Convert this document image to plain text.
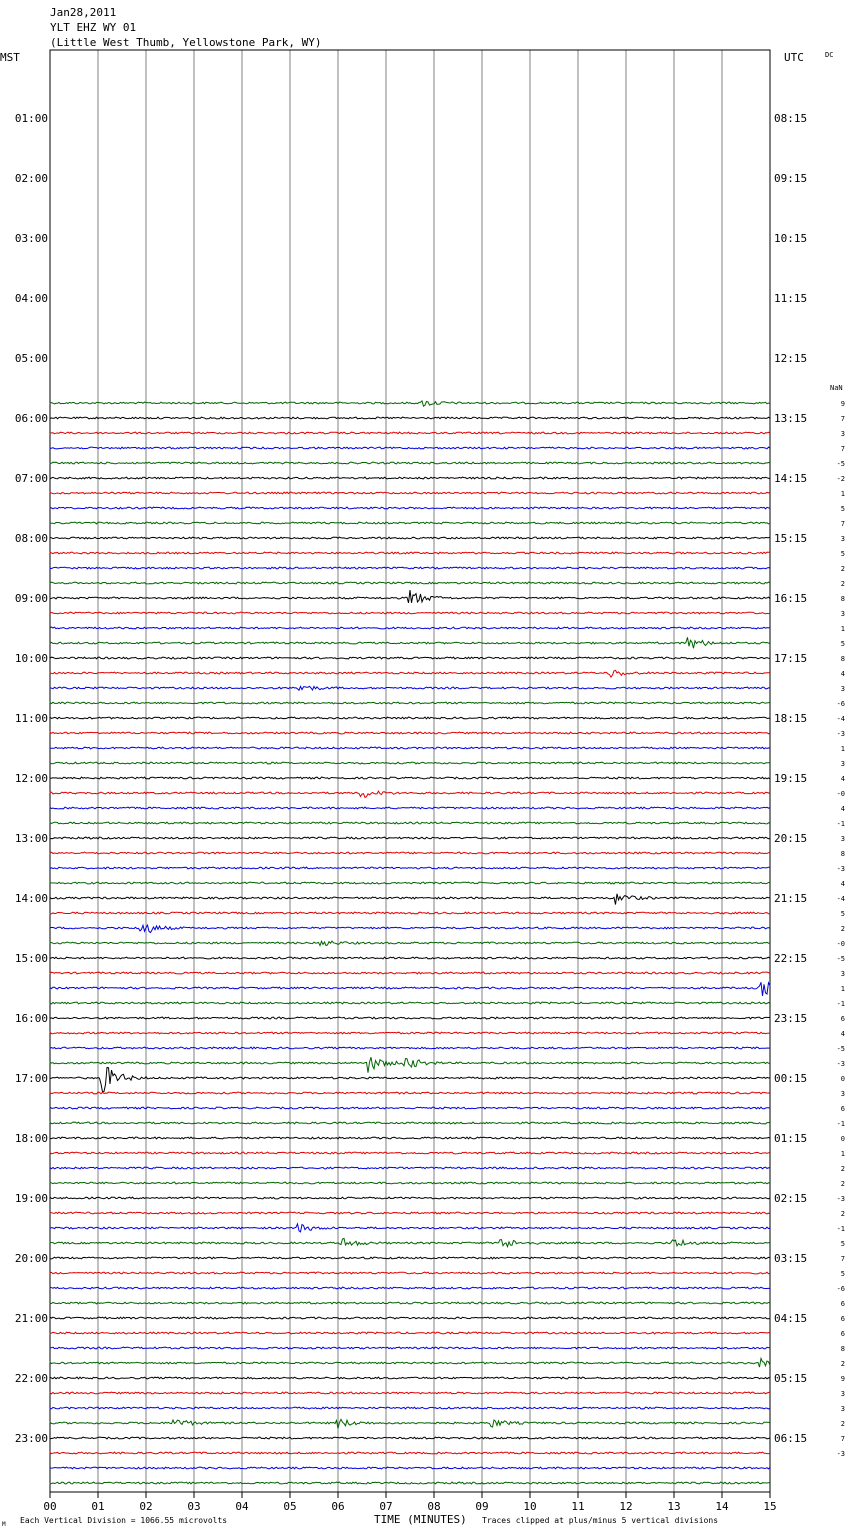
Jan28,2011
YLT EHZ WY 01
(Little West Thumb, Yellowstone Park, WY)
MST	UTC	DC
NaN
01:00
02:00
03:00
04:00
05:00
06:00
07:00
08:00
09:00
10:00
11:00
12:00
13:00
14:00
15:00
16:00
17:00
18:00
19:00
20:00
21:00
22:00
23:00
08:15
09:15
10:15
11:15
12:15
13:15
14:15
15:15
16:15
17:15
18:15
19:15
20:15
21:15
22:15
23:15
00:15
01:15
02:15
03:15
04:15
05:15
06:15
9
7
3
7
-5
-2
1
5
7
3
5
2
2
8
3
1
5
8
4
3
-6
-4
-3
1
3
4
-0
4
-1
3
8
-3
4
-4
5
2
-0
-5
3
1
-1
6
4
-5
-3
0
3
6
-1
0
1
2
2
-3
2
-1
5
7
5
-6
6
6
6
8
2
9
3
3
2
7
-3
00	01	02	03	04	05	06	07	08	09	10	11	12	13	14	15
M Each Vertical Division = 1066.55 microvolts	TIME (MINUTES) Traces clipped at plus/minus 5 vertical divisions
